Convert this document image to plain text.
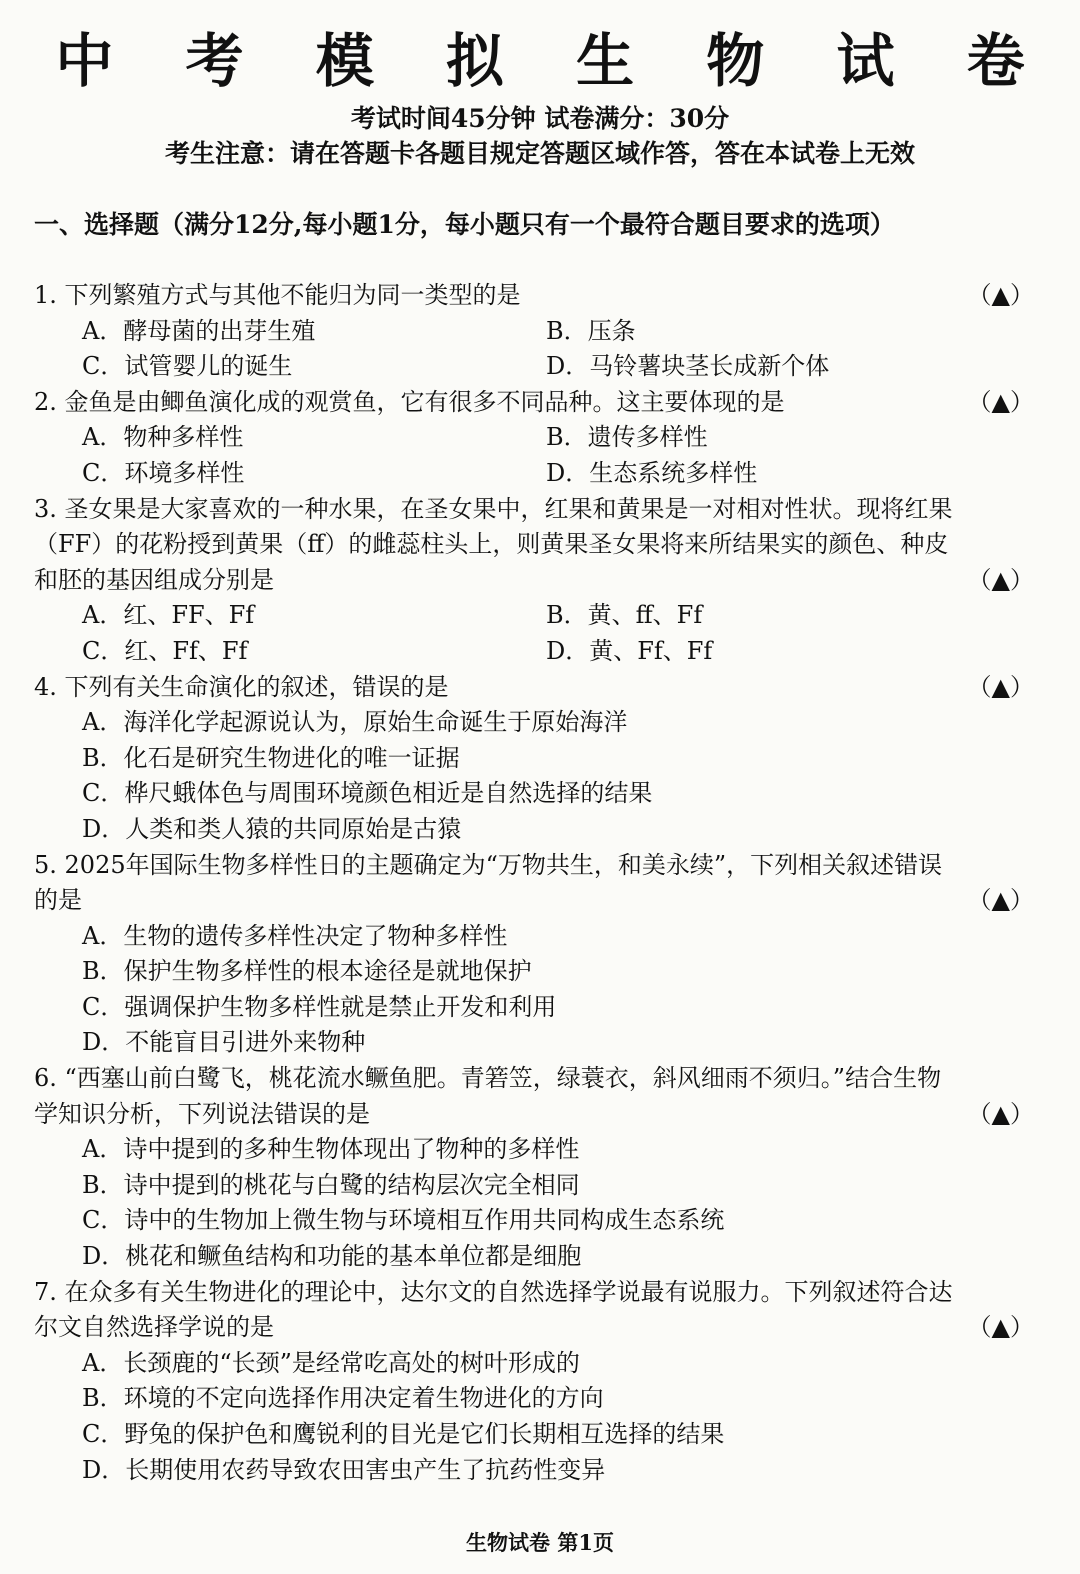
中 考 模 拟 生 物 试 卷
考试时间45分钟 试卷满分：30分
考生注意：请在答题卡各题目规定答题区域作答，答在本试卷上无效
一、选择题（满分12分,每小题1分，每小题只有一个最符合题目要求的选项）
1. 下列繁殖方式与其他不能归为同一类型的是	（▲）
A．酵母菌的出芽生殖	B．压条
C．试管婴儿的诞生	D．马铃薯块茎长成新个体
2. 金鱼是由鲫鱼演化成的观赏鱼，它有很多不同品种。这主要体现的是	（▲）
A．物种多样性	B．遗传多样性
C．环境多样性	D．生态系统多样性
3. 圣女果是大家喜欢的一种水果，在圣女果中，红果和黄果是一对相对性状。现将红果
（FF）的花粉授到黄果（ff）的雌蕊柱头上，则黄果圣女果将来所结果实的颜色、种皮
和胚的基因组成分别是	（▲）
A．红、FF、Ff	B．黄、ff、Ff
C．红、Ff、Ff	D．黄、Ff、Ff
4. 下列有关生命演化的叙述，错误的是	（▲）
A．海洋化学起源说认为，原始生命诞生于原始海洋
B．化石是研究生物进化的唯一证据
C．桦尺蛾体色与周围环境颜色相近是自然选择的结果
D．人类和类人猿的共同原始是古猿
5. 2025年国际生物多样性日的主题确定为“万物共生，和美永续”，下列相关叙述错误
的是	（▲）
A．生物的遗传多样性决定了物种多样性
B．保护生物多样性的根本途径是就地保护
C．强调保护生物多样性就是禁止开发和利用
D．不能盲目引进外来物种
6. “西塞山前白鹭飞，桃花流水鳜鱼肥。青箬笠，绿蓑衣，斜风细雨不须归。”结合生物
学知识分析，下列说法错误的是	（▲）
A．诗中提到的多种生物体现出了物种的多样性
B．诗中提到的桃花与白鹭的结构层次完全相同
C．诗中的生物加上微生物与环境相互作用共同构成生态系统
D．桃花和鳜鱼结构和功能的基本单位都是细胞
7. 在众多有关生物进化的理论中，达尔文的自然选择学说最有说服力。下列叙述符合达
尔文自然选择学说的是	（▲）
A．长颈鹿的“长颈”是经常吃高处的树叶形成的
B．环境的不定向选择作用决定着生物进化的方向
C．野兔的保护色和鹰锐利的目光是它们长期相互选择的结果
D．长期使用农药导致农田害虫产生了抗药性变异
生物试卷 第1页
